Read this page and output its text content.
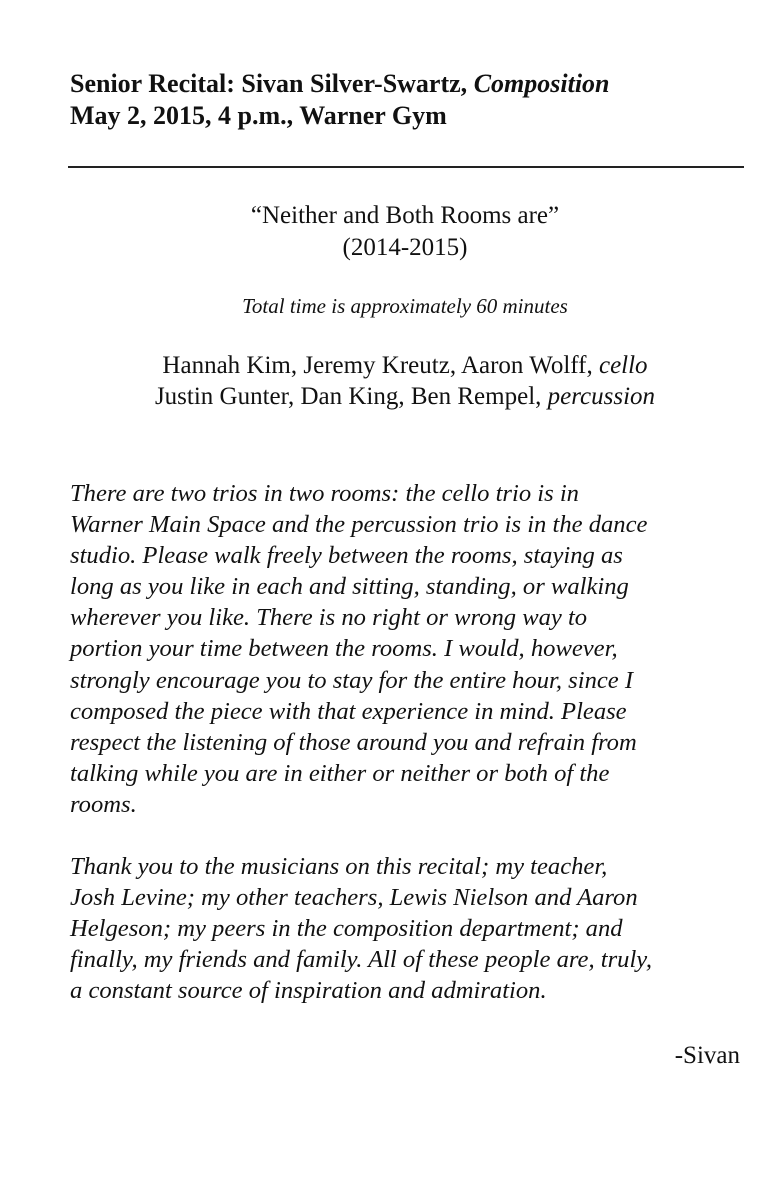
Senior Recital: Sivan Silver-Swartz, Composition
May 2, 2015, 4 p.m., Warner Gym
“Neither and Both Rooms are”
(2014-2015)
Total time is approximately 60 minutes
Hannah Kim, Jeremy Kreutz, Aaron Wolff, cello
Justin Gunter, Dan King, Ben Rempel, percussion
There are two trios in two rooms: the cello trio is in
Warner Main Space and the percussion trio is in the dance
studio. Please walk freely between the rooms, staying as
long as you like in each and sitting, standing, or walking
wherever you like. There is no right or wrong way to
portion your time between the rooms. I would, however,
strongly encourage you to stay for the entire hour, since I
composed the piece with that experience in mind. Please
respect the listening of those around you and refrain from
talking while you are in either or neither or both of the
rooms.
Thank you to the musicians on this recital; my teacher,
Josh Levine; my other teachers, Lewis Nielson and Aaron
Helgeson; my peers in the composition department; and
finally, my friends and family. All of these people are, truly,
a constant source of inspiration and admiration.
-Sivan
